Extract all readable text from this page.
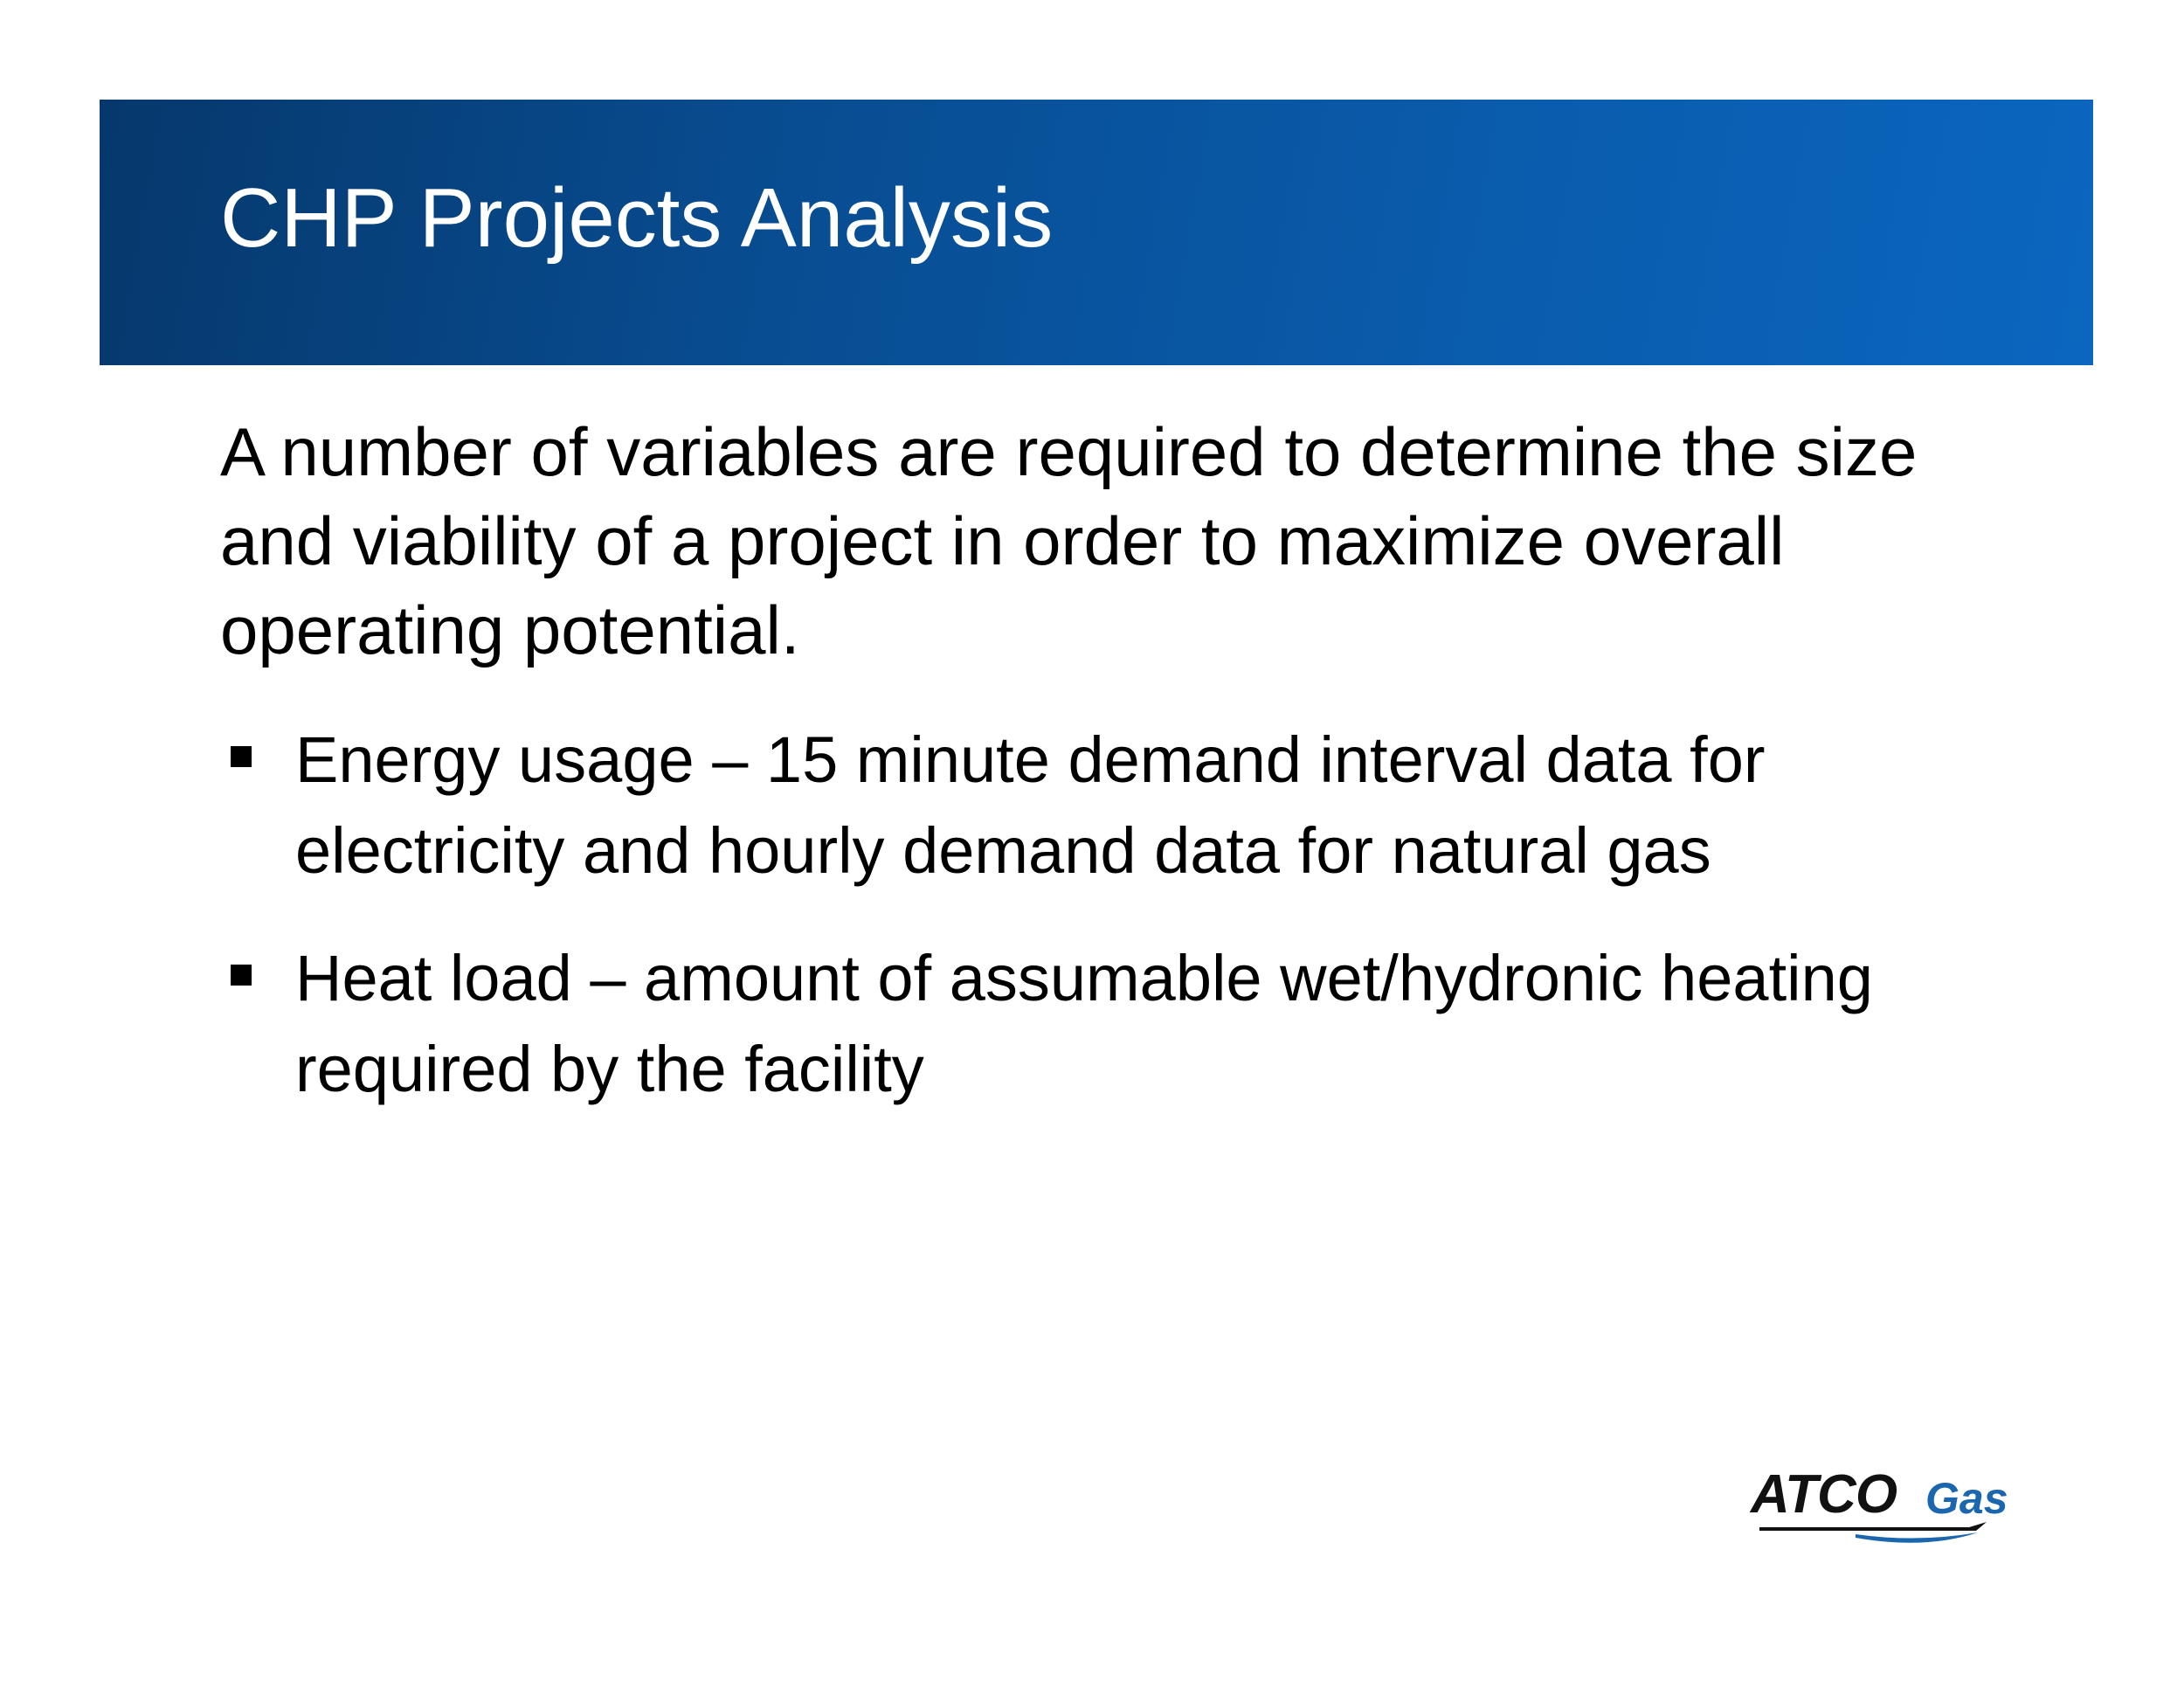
CHP Projects Analysis

A number of variables are required to determine the size and viability of a project in order to maximize overall operating potential.

Energy usage – 15 minute demand interval data for electricity and hourly demand data for natural gas
Heat load – amount of assumable wet/hydronic heating required by the facility
ATCO Gas
